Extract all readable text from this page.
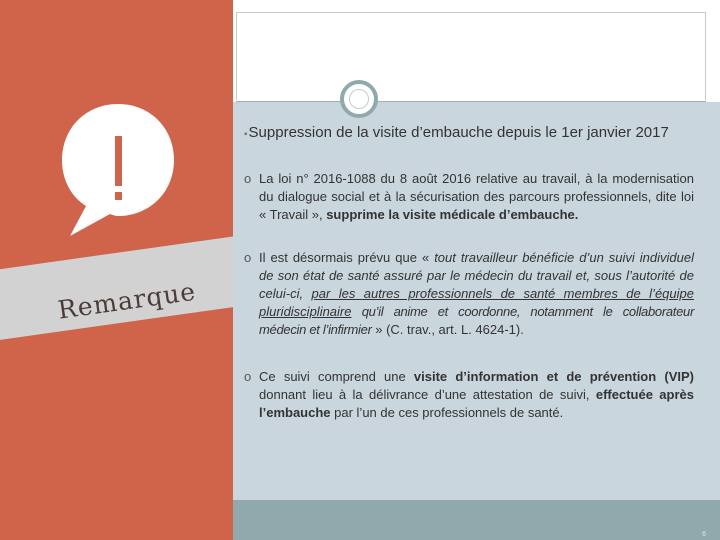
Remarque
▪Suppression de la visite d’embauche depuis le 1er janvier 2017
o La loi n° 2016-1088 du 8 août 2016 relative au travail, à la modernisation du dialogue social et à la sécurisation des parcours professionnels, dite loi « Travail », supprime la visite médicale d’embauche.
o Il est désormais prévu que « tout travailleur bénéficie d’un suivi individuel de son état de santé assuré par le médecin du travail et, sous l’autorité de celui-ci, par les autres professionnels de santé membres de l’équipe pluridisciplinaire qu’il anime et coordonne, notamment le collaborateur médecin et l’infirmier » (C. trav., art. L. 4624-1).
o Ce suivi comprend une visite d’information et de prévention (VIP) donnant lieu à la délivrance d’une attestation de suivi, effectuée après l’embauche par l’un de ces professionnels de santé.
6
